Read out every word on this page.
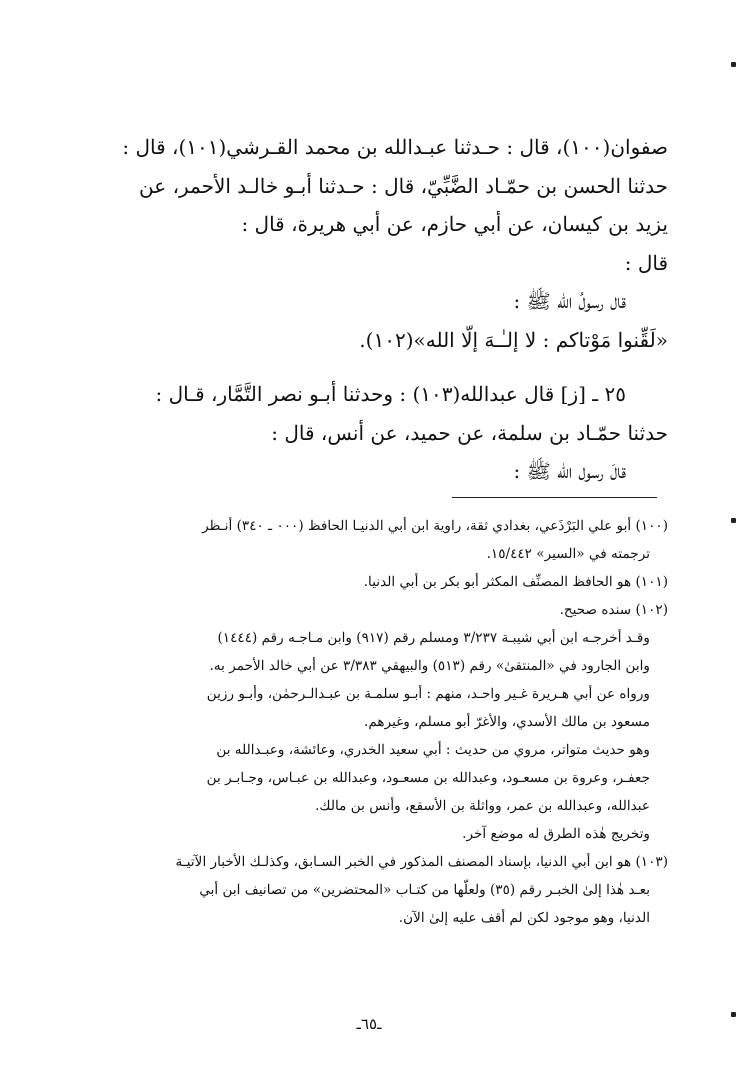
صفوان(١٠٠)، قال : حـدثنا عبـدالله بن محمد القـرشي(١٠١)، قال :
حدثنا الحسن بن حمّـاد الضَّبِّيّ، قال : حـدثنا أبـو خالـد الأحمر، عن
يزيد بن كيسان، عن أبي حازم، عن أبي هريرة، قال :
قال :
قال رسولُ الله ﷺ :
«لَقِّنوا مَوْتاكم : لا إلـٰـهَ إلّا الله»(١٠٢).
٢٥ ـ [ز] قال عبدالله(١٠٣) : وحدثنا أبـو نصر التَّمَّار، قـال :
حدثنا حمّـاد بن سلمة، عن حميد، عن أنس، قال :
قالَ رسول الله ﷺ :
(١٠٠) أبو علي البَرْذَعي، بغدادي ثقة، راوية ابن أبي الدنيـا الحافظ (٠٠٠ ـ ٣٤٠) أنـظر
ترجمته في «السير» ١٥/٤٤٢.
(١٠١) هو الحافظ المصنِّف المكثر أبو بكر بن أبي الدنيا.
(١٠٢) سنده صحيح.
وقـد أخرجـه ابن أبي شيبـة ٣/٢٣٧ ومسلم رقم (٩١٧) وابن مـاجـه رقم (١٤٤٤)
وابن الجارود في «المنتقىٰ» رقم (٥١٣) والبيهقي ٣/٣٨٣ عن أبي خالد الأحمر به.
ورواه عن أبي هـريرة غـير واحـد، منهم : أبـو سلمـة بن عبـدالـرحمٰن، وأبـو رزين
مسعود بن مالك الأسدي، والأغرّ أبو مسلم، وغيرهم.
وهو حديث متواتر، مروي من حديث : أبي سعيد الخدري، وعائشة، وعبـدالله بن
جعفـر، وعروة بن مسعـود، وعبدالله بن مسعـود، وعبدالله بن عبـاس، وجـابـر بن
عبدالله، وعبدالله بن عمر، وواثلة بن الأسقع، وأنس بن مالك.
وتخريج هٰذه الطرق له موضع آخر.
(١٠٣) هو ابن أبي الدنيا، بإسناد المصنف المذكور في الخبر السـابق، وكذلـك الأخبار الآتيـة
بعـد هٰذا إلىٰ الخبـر رقم (٣٥) ولعلّها من كتـاب «المحتضرين» من تصانيف ابن أبي
الدنيا، وهو موجود لكن لم أقف عليه إلىٰ الآن.
ـ٦٥ـ
